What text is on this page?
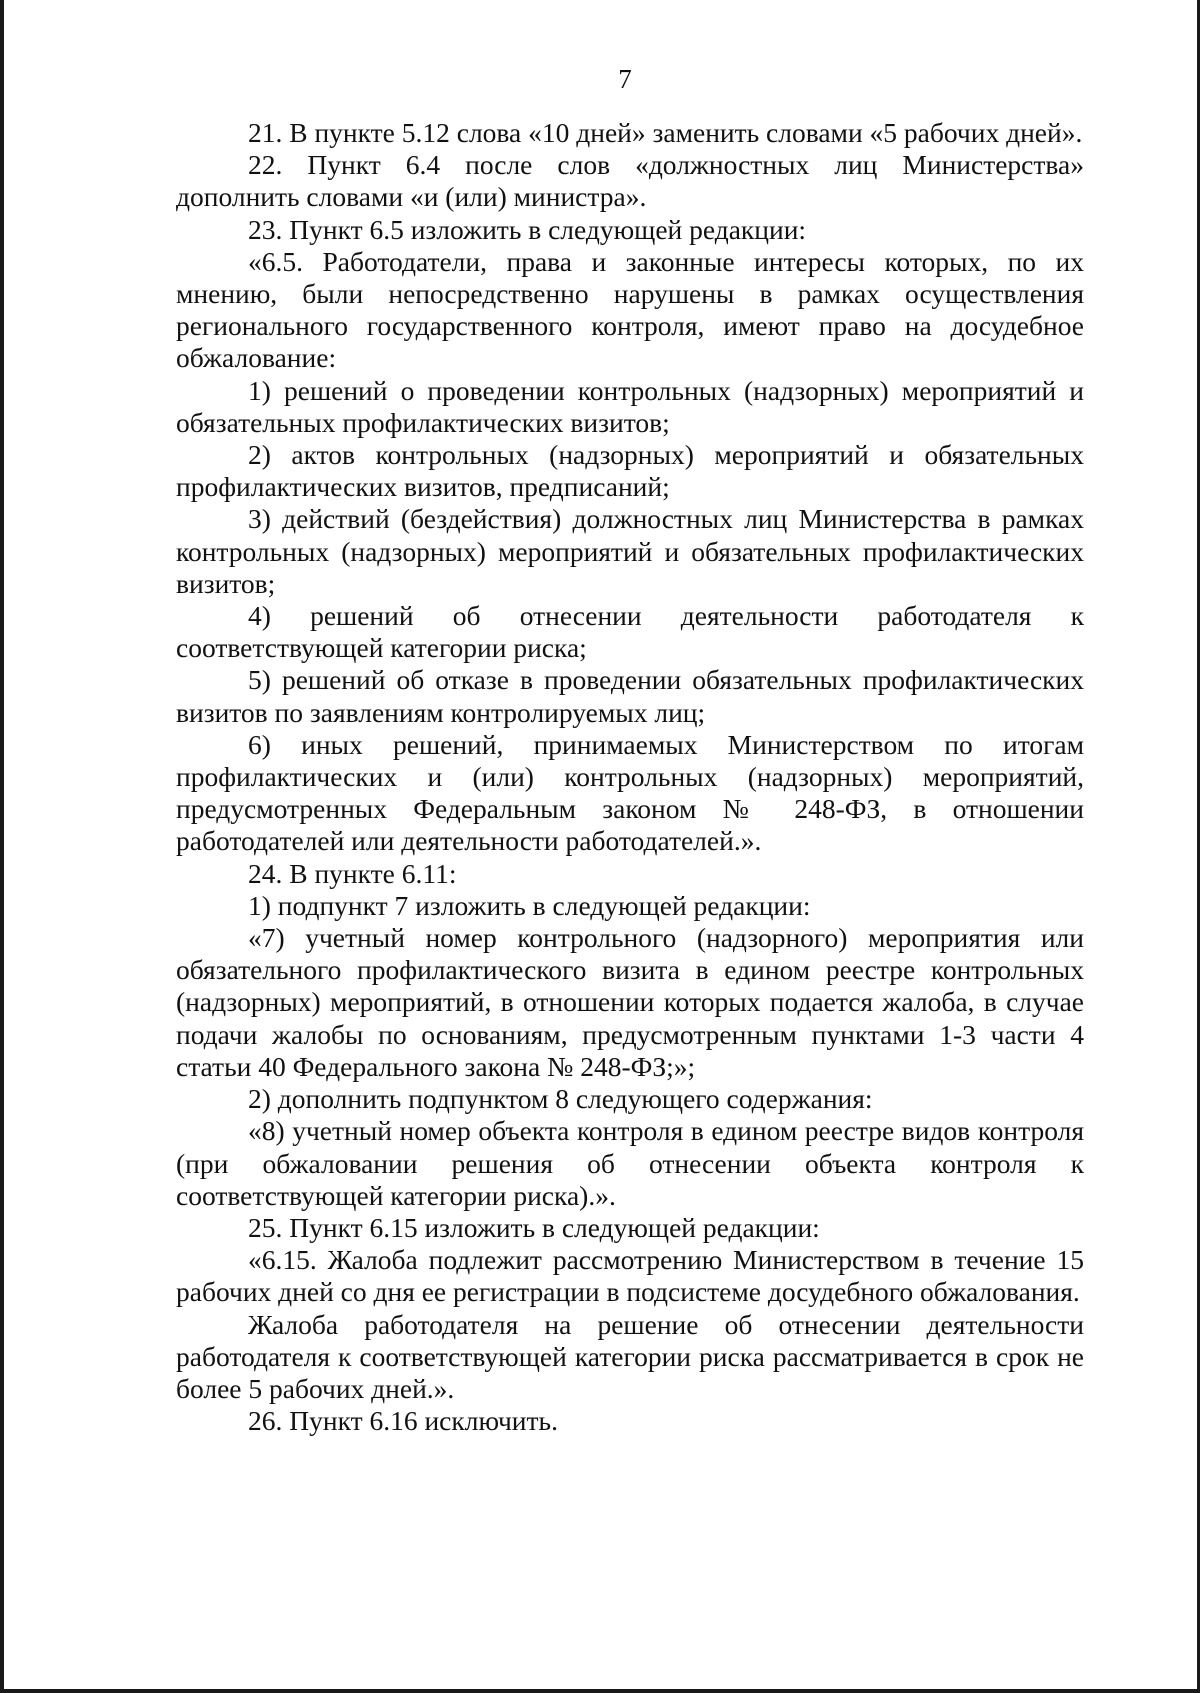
7

21. В пункте 5.12 слова «10 дней» заменить словами «5 рабочих дней».

22. Пункт 6.4 после слов «должностных лиц Министерства» дополнить словами «и (или) министра».

23. Пункт 6.5 изложить в следующей редакции:

«6.5. Работодатели, права и законные интересы которых, по их мнению, были непосредственно нарушены в рамках осуществления регионального государственного контроля, имеют право на досудебное обжалование:

1) решений о проведении контрольных (надзорных) мероприятий и обязательных профилактических визитов;

2) актов контрольных (надзорных) мероприятий и обязательных профилактических визитов, предписаний;

3) действий (бездействия) должностных лиц Министерства в рамках контрольных (надзорных) мероприятий и обязательных профилактических визитов;

4) решений об отнесении деятельности работодателя к соответствующей категории риска;

5) решений об отказе в проведении обязательных профилактических визитов по заявлениям контролируемых лиц;

6) иных решений, принимаемых Министерством по итогам профилактических и (или) контрольных (надзорных) мероприятий, предусмотренных Федеральным законом № 248-ФЗ, в отношении работодателей или деятельности работодателей.».

24. В пункте 6.11:

1) подпункт 7 изложить в следующей редакции:

«7) учетный номер контрольного (надзорного) мероприятия или обязательного профилактического визита в едином реестре контрольных (надзорных) мероприятий, в отношении которых подается жалоба, в случае подачи жалобы по основаниям, предусмотренным пунктами 1-3 части 4 статьи 40 Федерального закона № 248-ФЗ;»;

2) дополнить подпунктом 8 следующего содержания:

«8) учетный номер объекта контроля в едином реестре видов контроля (при обжаловании решения об отнесении объекта контроля к соответствующей категории риска).».

25. Пункт 6.15 изложить в следующей редакции:

«6.15. Жалоба подлежит рассмотрению Министерством в течение 15 рабочих дней со дня ее регистрации в подсистеме досудебного обжалования.

Жалоба работодателя на решение об отнесении деятельности работодателя к соответствующей категории риска рассматривается в срок не более 5 рабочих дней.».

26. Пункт 6.16 исключить.
